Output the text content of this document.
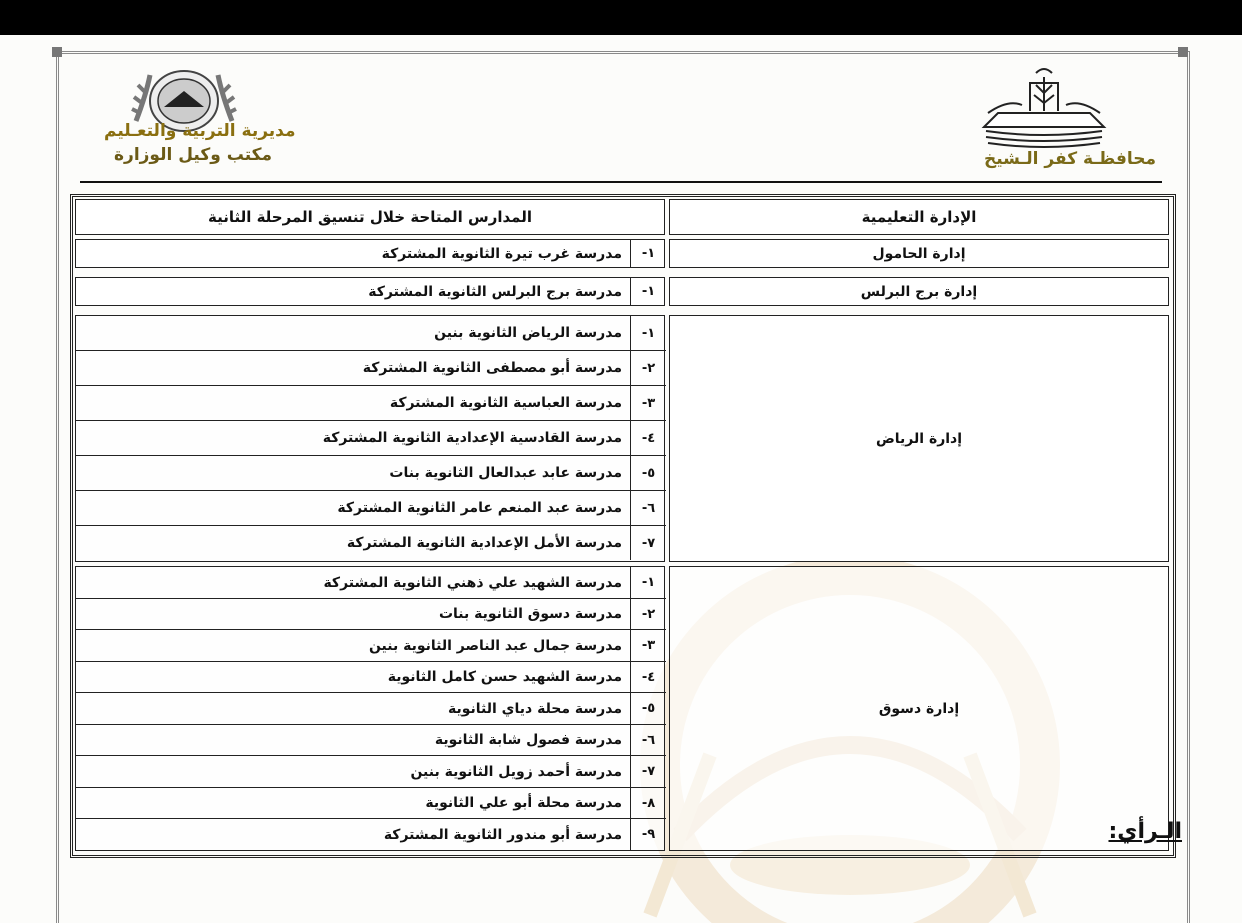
محافظـة كفر الـشيخ
مديرية التربية والتعـليم
مكتب وكيل الوزارة
المدارس المتاحة خلال تنسيق المرحلة الثانية	الإدارة التعليمية
إدارة الحامول
١-
مدرسة غرب تيرة الثانوية المشتركة
إدارة برج البرلس
١-
مدرسة برج البرلس الثانوية المشتركة
إدارة الرياض
١-
مدرسة الرياض الثانوية بنين
٢-
مدرسة أبو مصطفى الثانوية المشتركة
٣-
مدرسة العباسية الثانوية المشتركة
٤-
مدرسة القادسية الإعدادية الثانوية المشتركة
٥-
مدرسة عابد عبدالعال الثانوية بنات
٦-
مدرسة عبد المنعم عامر الثانوية المشتركة
٧-
مدرسة الأمل الإعدادية الثانوية المشتركة
إدارة دسوق
١-
مدرسة الشهيد علي ذهني الثانوية المشتركة
٢-
مدرسة دسوق الثانوية بنات
٣-
مدرسة جمال عبد الناصر الثانوية بنين
٤-
مدرسة الشهيد حسن كامل الثانوية
٥-
مدرسة محلة دياي الثانوية
٦-
مدرسة فصول شابة الثانوية
٧-
مدرسة أحمد زويل الثانوية بنين
٨-
مدرسة محلة أبو علي الثانوية
٩-
مدرسة أبو مندور الثانوية المشتركة	الـرأي:
